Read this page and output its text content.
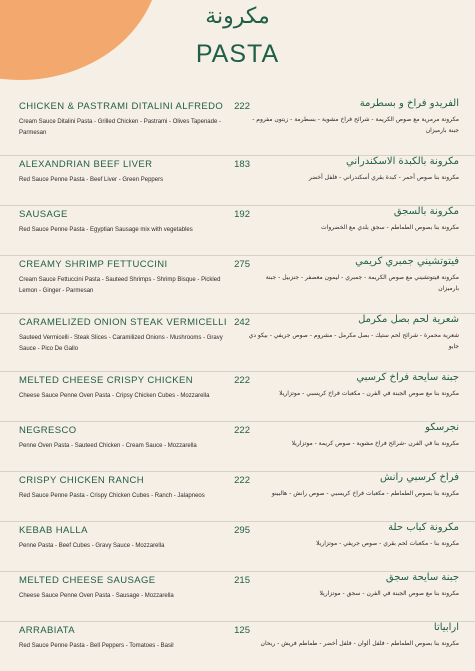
مكرونة
PASTA
CHICKEN & PASTRAMI DITALINI ALFREDO	222
Cream Sauce Ditalini Pasta - Grilled Chicken - Pastrami - Olives Tapenade - Parmesan
الفريدو فراخ و بسطرمة
مكرونة مرمرية مع صوص الكريمة - شرائح فراخ مشوية - بسطرمة - زيتون مفروم - جبنة بارميزان
ALEXANDRIAN BEEF LIVER	183
Red Sauce Penne Pasta - Beef Liver - Green Peppers
مكرونة بالكبدة الاسكندراني
مكرونة بنا صوص أحمر - كبدة بقري أسكندراني - فلفل أخضر
SAUSAGE	192
Red Sauce Penne Pasta - Egyptian Sausage mix with vegetables
مكرونة بالسجق
مكرونة بنا بصوص الطماطم - سجق بلدي مع الخضروات
CREAMY SHRIMP FETTUCCINI	275
Cream Sauce Fettuccini Pasta - Sauteed Shrimps - Shrimp Bisque - Pickled Lemon - Ginger - Parmesan
فيتوتشيني جمبري كريمي
مكرونة فيتوتشيني مع صوص الكريمة - جمبري - ليمون معصفر - جنزبيل - جبنة بارميزان
CARAMELIZED ONION STEAK VERMICELLI 242
Sauteed Vermicelli - Steak Slices - Caramilized Onions - Mushrooms - Gravy Sauce - Pico De Gallo
شعرية لحم بصل مكرمل
شعرية محمرة - شرائح لحم ستيك - بصل مكرمل - مشروم - صوص جريفي - بيكو دي جايو
MELTED CHEESE CRISPY CHICKEN	222
Cheese Sauce Penne Oven Pasta - Cripsy Chicken Cubes - Mozzarella
جبنة سايحة فراخ كرسبي
مكرونة بنا مع صوص الجبنة في الفرن - مكعبات فراخ كريسبي - موتزاريلا
NEGRESCO	222
Penne Oven Pasta - Sauteed Chicken - Cream Sauce - Mozzarella
نجرسكو
مكرونة بنا في الفرن -شرائح فراخ مشوية - صوص كريمة - موتزاريلا
CRISPY CHICKEN RANCH	222
Red Sauce Penne Pasta - Crispy Chicken Cubes - Ranch - Jalapneos
فراخ كرسبي رانش
مكرونة بنا بصوص الطماطم - مكعبات فراخ كريسبي - صوص رانش - هالبينو
KEBAB HALLA	295
Penne Pasta - Beef Cubes - Gravy Sauce - Mozzarella
مكرونة كباب حلة
مكرونة بنا - مكعبات لحم بقري - صوص جريفي - موتزاريلا
MELTED CHEESE SAUSAGE	215
Cheese Sauce Penne Oven Pasta - Sausage - Mozzarella
جبنة سايحة سجق
مكرونة بنا مع صوص الجبنة في الفرن - سجق - موتزاريلا
ARRABIATA	125
Red Sauce Penne Pasta - Bell Peppers - Tomatoes - Basil
ارابياتا
مكرونة بنا بصوص الطماطم - فلفل ألوان - فلفل أخضر - طماطم فريش - ريحان
